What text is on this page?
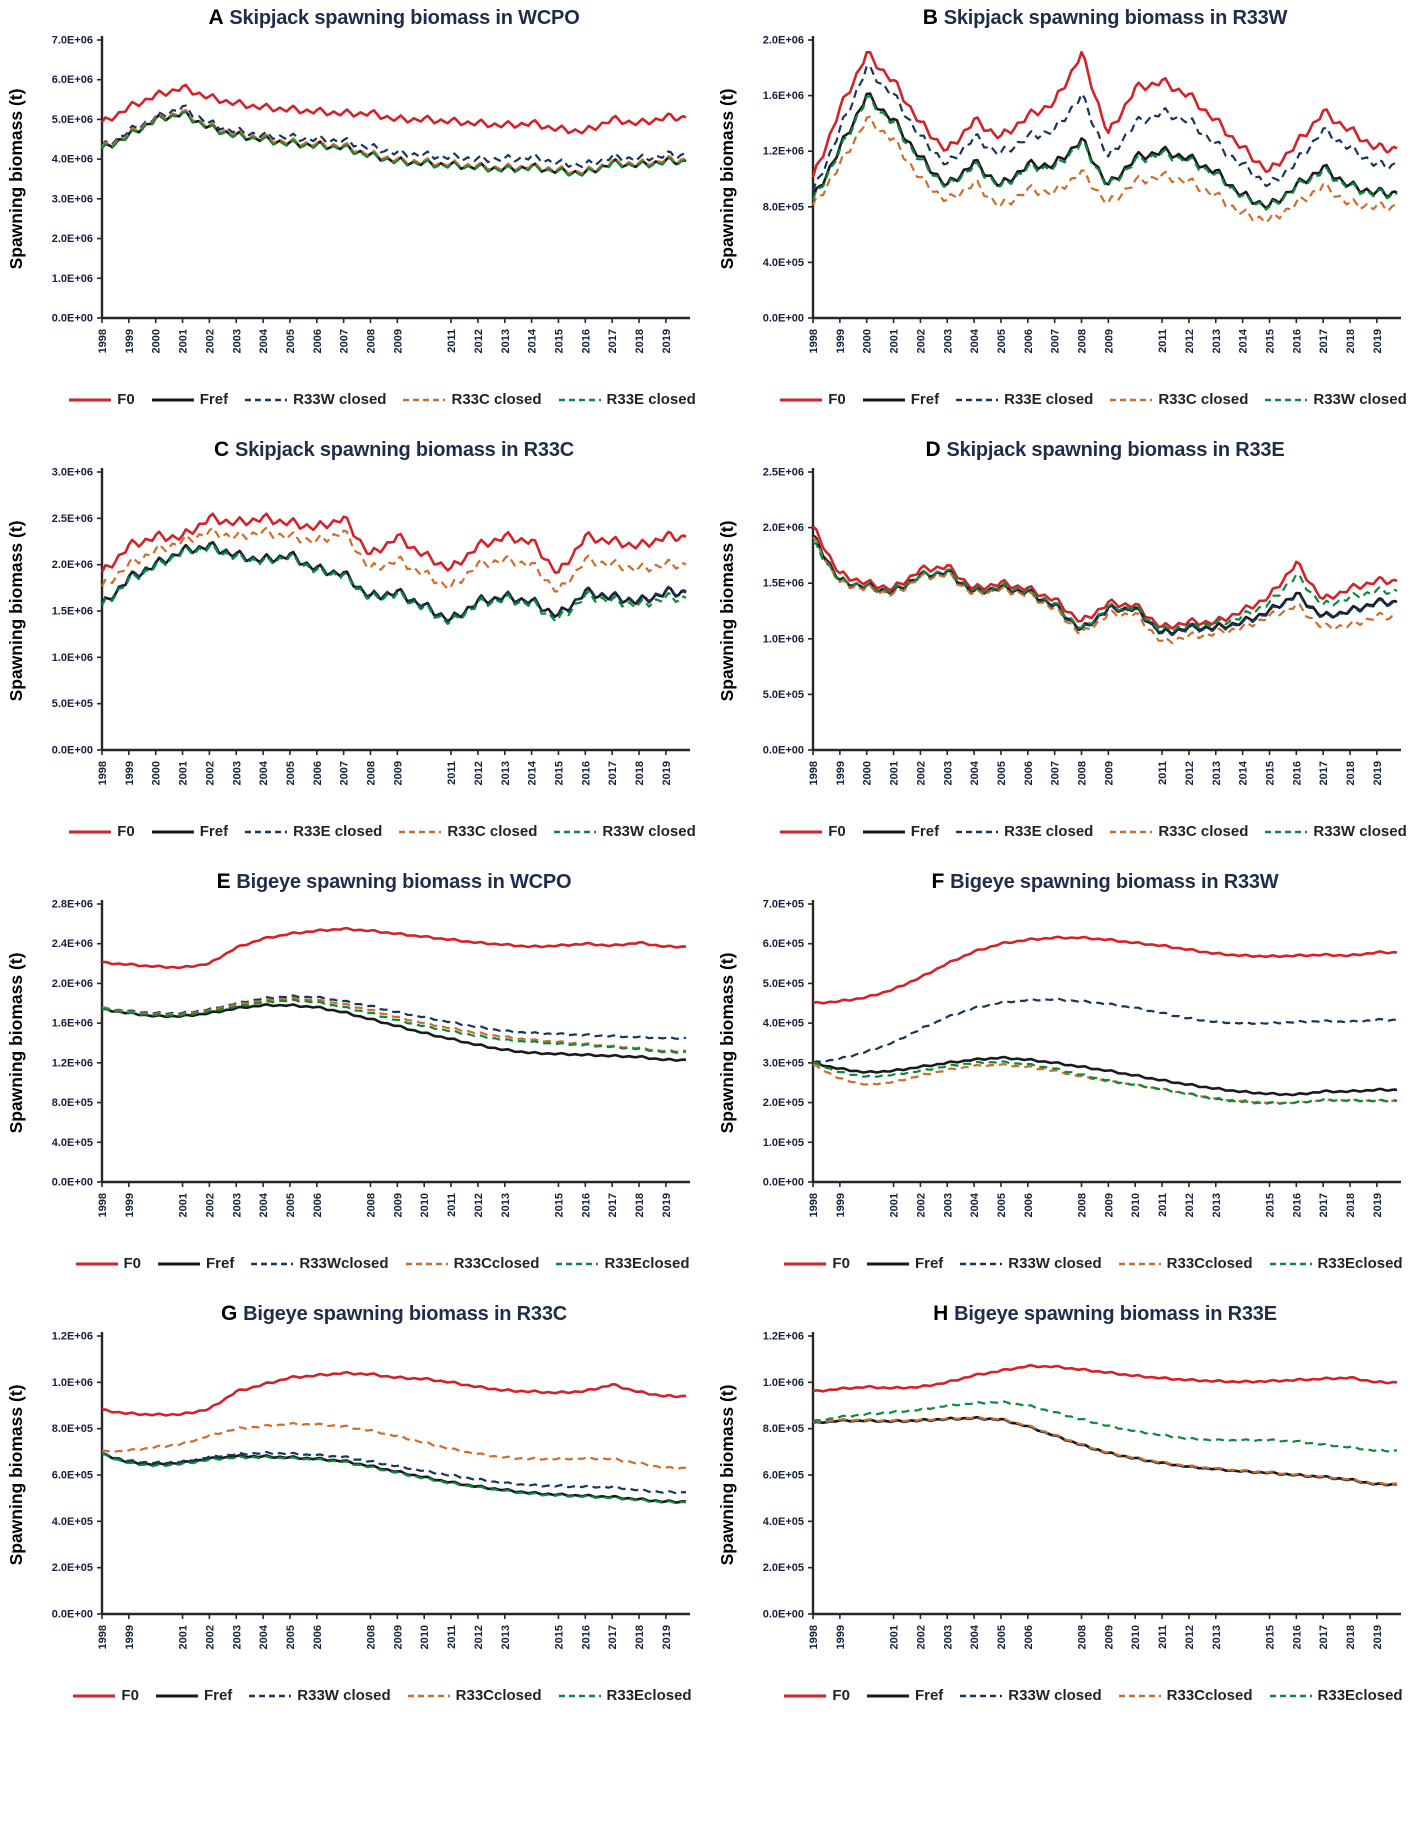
A Skipjack spawning biomass in WCPO
0.0E+00
1.0E+06
2.0E+06
3.0E+06
4.0E+06
5.0E+06
6.0E+06
7.0E+06
1998 1999 2000 2001 2002 2003 2004 2005 2006 2007 2008 2009	2011 2012 2013 2014 2015 2016 2017 2018 2019
Spawning biomass (t)
F0	Fref	R33W closed	R33C closed	R33E closed
B Skipjack spawning biomass in R33W
0.0E+00
4.0E+05
8.0E+05
1.2E+06
1.6E+06
2.0E+06
1998 1999 2000 2001 2002 2003 2004 2005 2006 2007 2008 2009	2011 2012 2013 2014 2015 2016 2017 2018 2019
Spawning biomass (t)
F0	Fref	R33E closed	R33C closed	R33W closed
C Skipjack spawning biomass in R33C
0.0E+00
5.0E+05
1.0E+06
1.5E+06
2.0E+06
2.5E+06
3.0E+06
1998 1999 2000 2001 2002 2003 2004 2005 2006 2007 2008 2009	2011 2012 2013 2014 2015 2016 2017 2018 2019
Spawning biomass (t)
F0	Fref	R33E closed	R33C closed	R33W closed
D Skipjack spawning biomass in R33E
0.0E+00
5.0E+05
1.0E+06
1.5E+06
2.0E+06
2.5E+06
1998 1999 2000 2001 2002 2003 2004 2005 2006 2007 2008 2009	2011 2012 2013 2014 2015 2016 2017 2018 2019
Spawning biomass (t)
F0	Fref	R33E closed	R33C closed	R33W closed
E Bigeye spawning biomass in WCPO
0.0E+00
4.0E+05
8.0E+05
1.2E+06
1.6E+06
2.0E+06
2.4E+06
2.8E+06
1998 1999	2001 2002 2003 2004 2005 2006	2008 2009 2010 2011 2012 2013	2015 2016 2017 2018 2019
Spawning biomass (t)
F0	Fref	R33Wclosed	R33Cclosed	R33Eclosed
F Bigeye spawning biomass in R33W
0.0E+00
1.0E+05
2.0E+05
3.0E+05
4.0E+05
5.0E+05
6.0E+05
7.0E+05
1998 1999	2001 2002 2003 2004 2005 2006	2008 2009 2010 2011 2012 2013	2015 2016 2017 2018 2019
Spawning biomass (t)
F0	Fref	R33W closed	R33Cclosed	R33Eclosed
G Bigeye spawning biomass in R33C
0.0E+00
2.0E+05
4.0E+05
6.0E+05
8.0E+05
1.0E+06
1.2E+06
1998 1999	2001 2002 2003 2004 2005 2006	2008 2009 2010 2011 2012 2013	2015 2016 2017 2018 2019
Spawning biomass (t)
F0	Fref	R33W closed	R33Cclosed	R33Eclosed
H Bigeye spawning biomass in R33E
0.0E+00
2.0E+05
4.0E+05
6.0E+05
8.0E+05
1.0E+06
1.2E+06
1998 1999	2001 2002 2003 2004 2005 2006	2008 2009 2010 2011 2012 2013	2015 2016 2017 2018 2019
Spawning biomass (t)
F0	Fref	R33W closed	R33Cclosed	R33Eclosed
